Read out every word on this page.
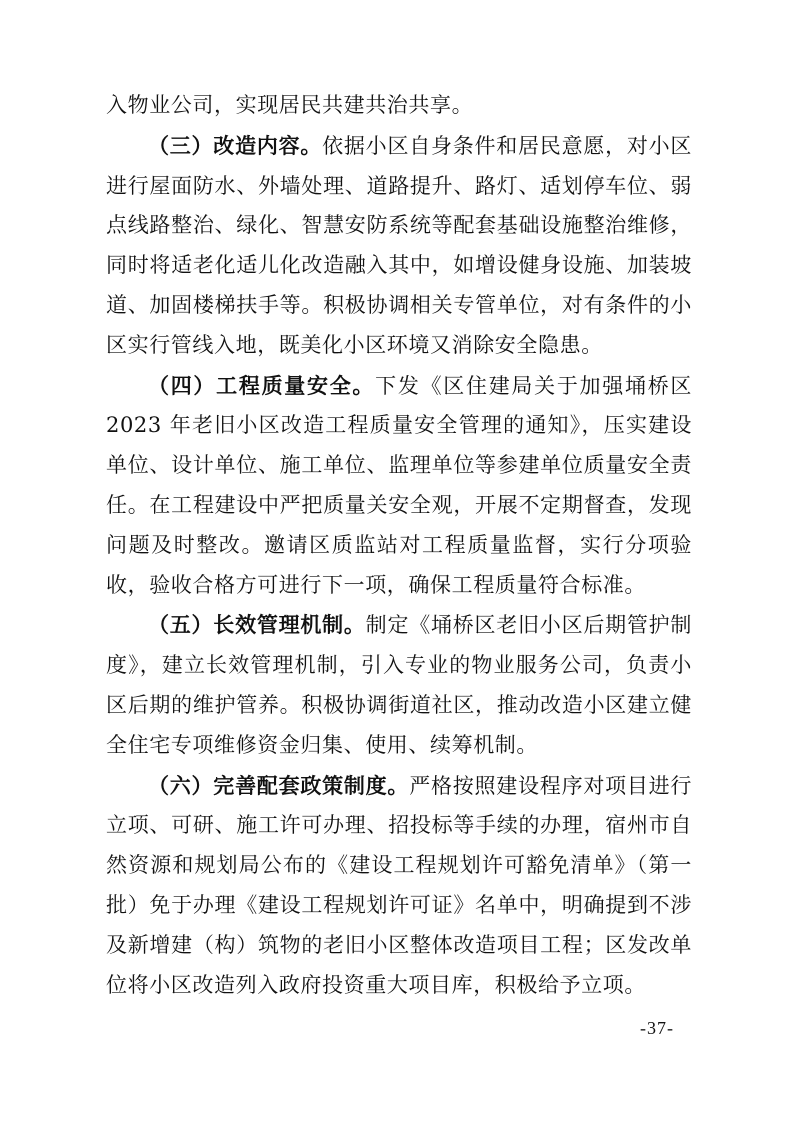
入物业公司，实现居民共建共治共享。

（三）改造内容。依据小区自身条件和居民意愿，对小区进行屋面防水、外墙处理、道路提升、路灯、适划停车位、弱点线路整治、绿化、智慧安防系统等配套基础设施整治维修，同时将适老化适儿化改造融入其中，如增设健身设施、加装坡道、加固楼梯扶手等。积极协调相关专管单位，对有条件的小区实行管线入地，既美化小区环境又消除安全隐患。

（四）工程质量安全。下发《区住建局关于加强埇桥区 2023 年老旧小区改造工程质量安全管理的通知》，压实建设单位、设计单位、施工单位、监理单位等参建单位质量安全责任。在工程建设中严把质量关安全观，开展不定期督查，发现问题及时整改。邀请区质监站对工程质量监督，实行分项验收，验收合格方可进行下一项，确保工程质量符合标准。

（五）长效管理机制。制定《埇桥区老旧小区后期管护制度》，建立长效管理机制，引入专业的物业服务公司，负责小区后期的维护管养。积极协调街道社区，推动改造小区建立健全住宅专项维修资金归集、使用、续筹机制。

（六）完善配套政策制度。严格按照建设程序对项目进行立项、可研、施工许可办理、招投标等手续的办理，宿州市自然资源和规划局公布的《建设工程规划许可豁免清单》（第一批）免于办理《建设工程规划许可证》名单中，明确提到不涉及新增建（构）筑物的老旧小区整体改造项目工程；区发改单位将小区改造列入政府投资重大项目库，积极给予立项。

-37-
